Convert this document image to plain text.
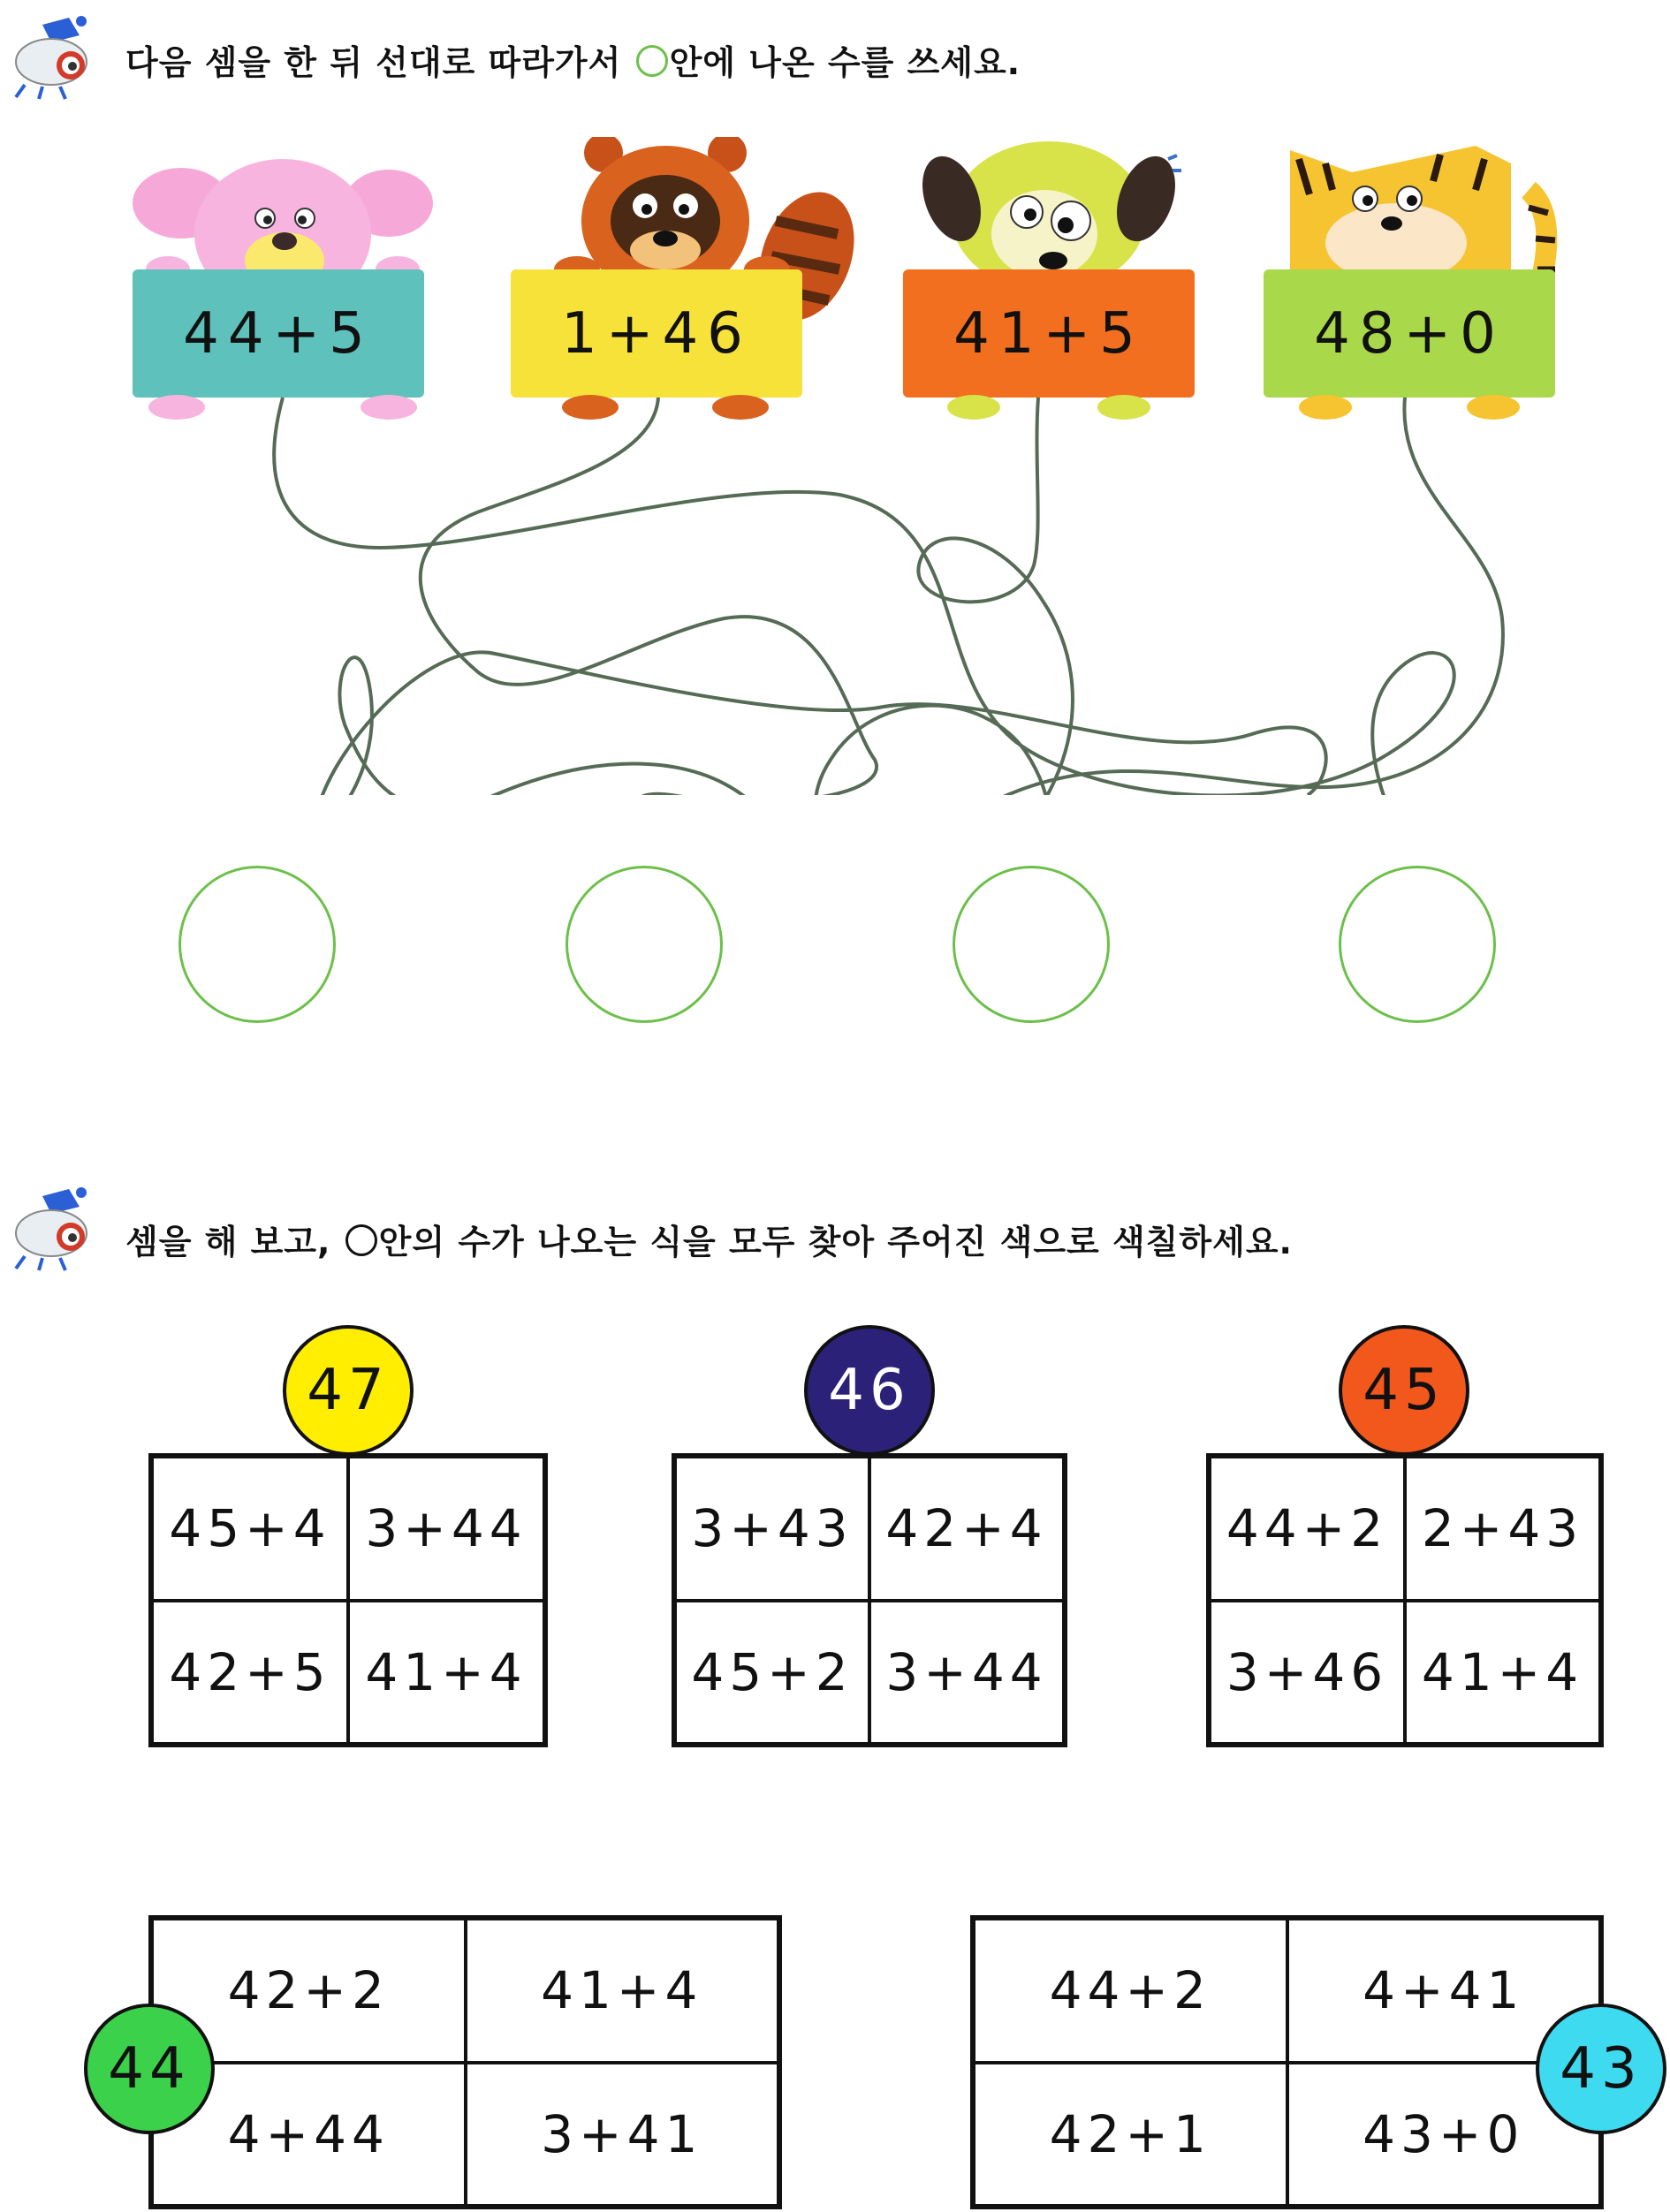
다음 셈을 한 뒤 선대로 따라가서 안에 나온 수를 쓰세요.
44+5	1+46	41+5	48+0
셈을 해 보고, 안의 수가 나오는 식을 모두 찾아 주어진 색으로 색칠하세요.
45+4 3+44
42+5 41+4
47
3+43 42+4
45+2 3+44
46
44+2 2+43
3+46 41+4
45
42+2	41+4
4+44	3+41
44
44+2	4+41
42+1	43+0
43
